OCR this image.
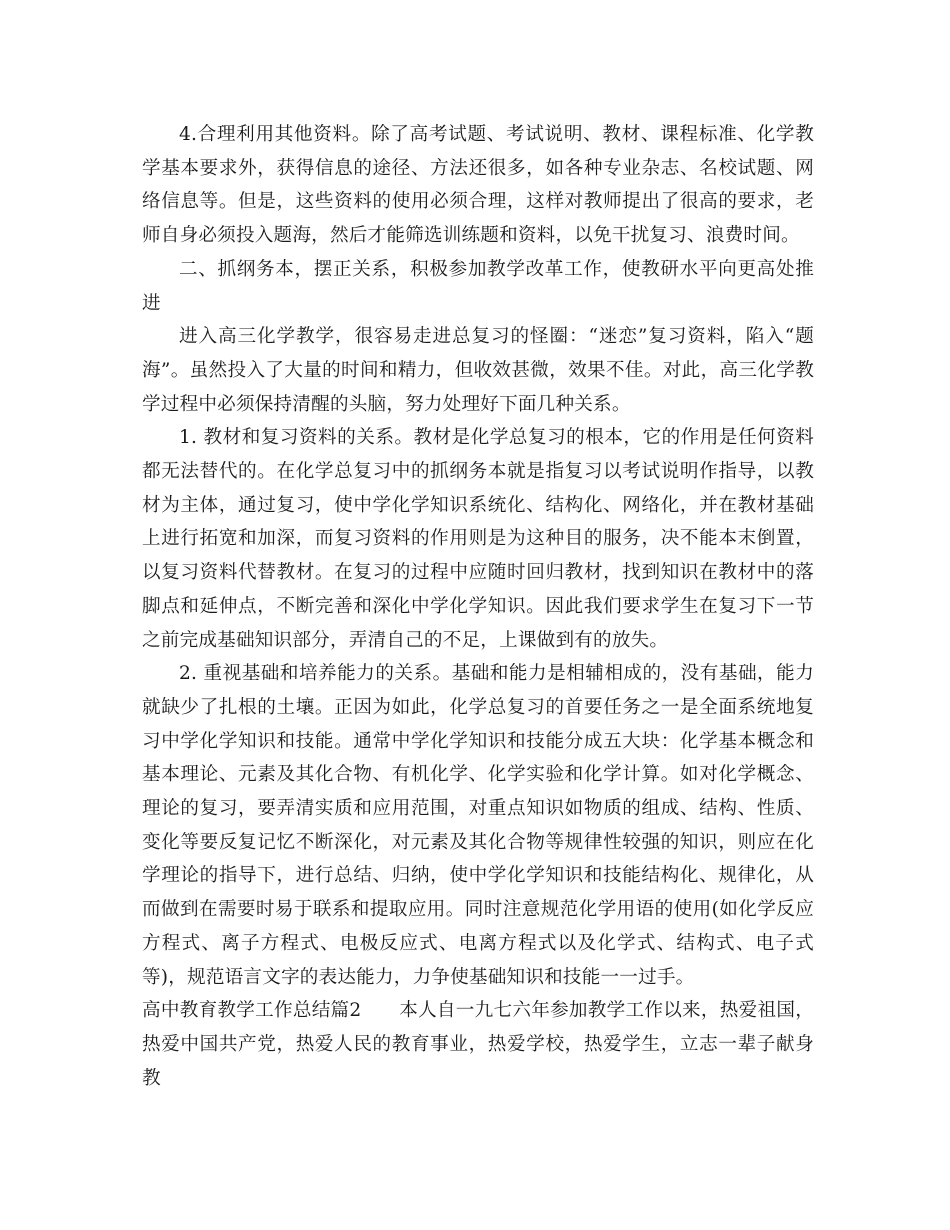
4.合理利用其他资料。除了高考试题、考试说明、教材、课程标准、化学教学基本要求外，获得信息的途径、方法还很多，如各种专业杂志、名校试题、网络信息等。但是，这些资料的使用必须合理，这样对教师提出了很高的要求，老师自身必须投入题海，然后才能筛选训练题和资料，以免干扰复习、浪费时间。

二、抓纲务本，摆正关系，积极参加教学改革工作，使教研水平向更高处推进

进入高三化学教学，很容易走进总复习的怪圈：“迷恋”复习资料，陷入“题海”。虽然投入了大量的时间和精力，但收效甚微，效果不佳。对此，高三化学教学过程中必须保持清醒的头脑，努力处理好下面几种关系。

1. 教材和复习资料的关系。教材是化学总复习的根本，它的作用是任何资料都无法替代的。在化学总复习中的抓纲务本就是指复习以考试说明作指导，以教材为主体，通过复习，使中学化学知识系统化、结构化、网络化，并在教材基础上进行拓宽和加深，而复习资料的作用则是为这种目的服务，决不能本末倒置，以复习资料代替教材。在复习的过程中应随时回归教材，找到知识在教材中的落脚点和延伸点，不断完善和深化中学化学知识。因此我们要求学生在复习下一节之前完成基础知识部分，弄清自己的不足，上课做到有的放失。

2. 重视基础和培养能力的关系。基础和能力是相辅相成的，没有基础，能力就缺少了扎根的土壤。正因为如此，化学总复习的首要任务之一是全面系统地复习中学化学知识和技能。通常中学化学知识和技能分成五大块：化学基本概念和基本理论、元素及其化合物、有机化学、化学实验和化学计算。如对化学概念、理论的复习，要弄清实质和应用范围，对重点知识如物质的组成、结构、性质、变化等要反复记忆不断深化，对元素及其化合物等规律性较强的知识，则应在化学理论的指导下，进行总结、归纳，使中学化学知识和技能结构化、规律化，从而做到在需要时易于联系和提取应用。同时注意规范化学用语的使用(如化学反应方程式、离子方程式、电极反应式、电离方程式以及化学式、结构式、电子式等)，规范语言文字的表达能力，力争使基础知识和技能一一过手。

高中教育教学工作总结篇2　　本人自一九七六年参加教学工作以来，热爱祖国，热爱中国共产党，热爱人民的教育事业，热爱学校，热爱学生，立志一辈子献身教
